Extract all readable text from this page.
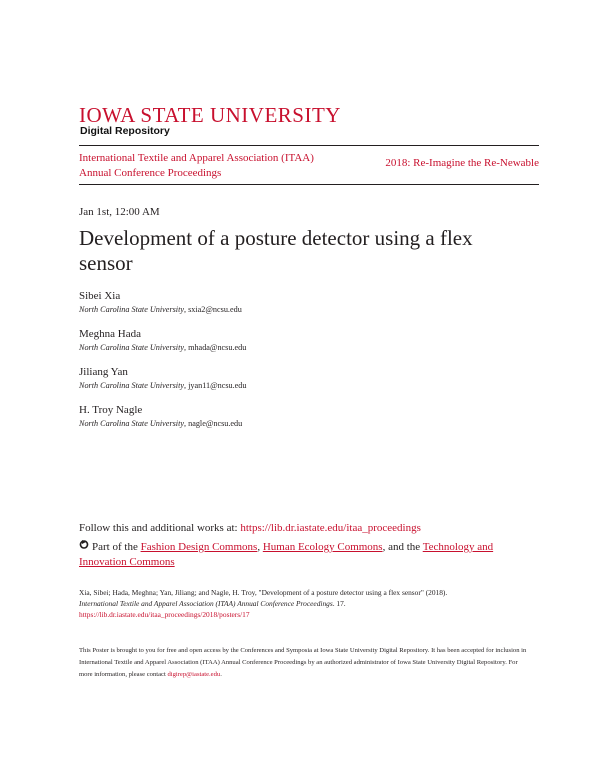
IOWA STATE UNIVERSITY
Digital Repository
International Textile and Apparel Association (ITAA) Annual Conference Proceedings
2018: Re-Imagine the Re-Newable
Jan 1st, 12:00 AM
Development of a posture detector using a flex sensor
Sibei Xia
North Carolina State University, sxia2@ncsu.edu
Meghna Hada
North Carolina State University, mhada@ncsu.edu
Jiliang Yan
North Carolina State University, jyan11@ncsu.edu
H. Troy Nagle
North Carolina State University, nagle@ncsu.edu
Follow this and additional works at: https://lib.dr.iastate.edu/itaa_proceedings
Part of the Fashion Design Commons, Human Ecology Commons, and the Technology and Innovation Commons
Xia, Sibei; Hada, Meghna; Yan, Jiliang; and Nagle, H. Troy, "Development of a posture detector using a flex sensor" (2018).
International Textile and Apparel Association (ITAA) Annual Conference Proceedings. 17.
https://lib.dr.iastate.edu/itaa_proceedings/2018/posters/17
This Poster is brought to you for free and open access by the Conferences and Symposia at Iowa State University Digital Repository. It has been accepted for inclusion in International Textile and Apparel Association (ITAA) Annual Conference Proceedings by an authorized administrator of Iowa State University Digital Repository. For more information, please contact digirep@iastate.edu.
